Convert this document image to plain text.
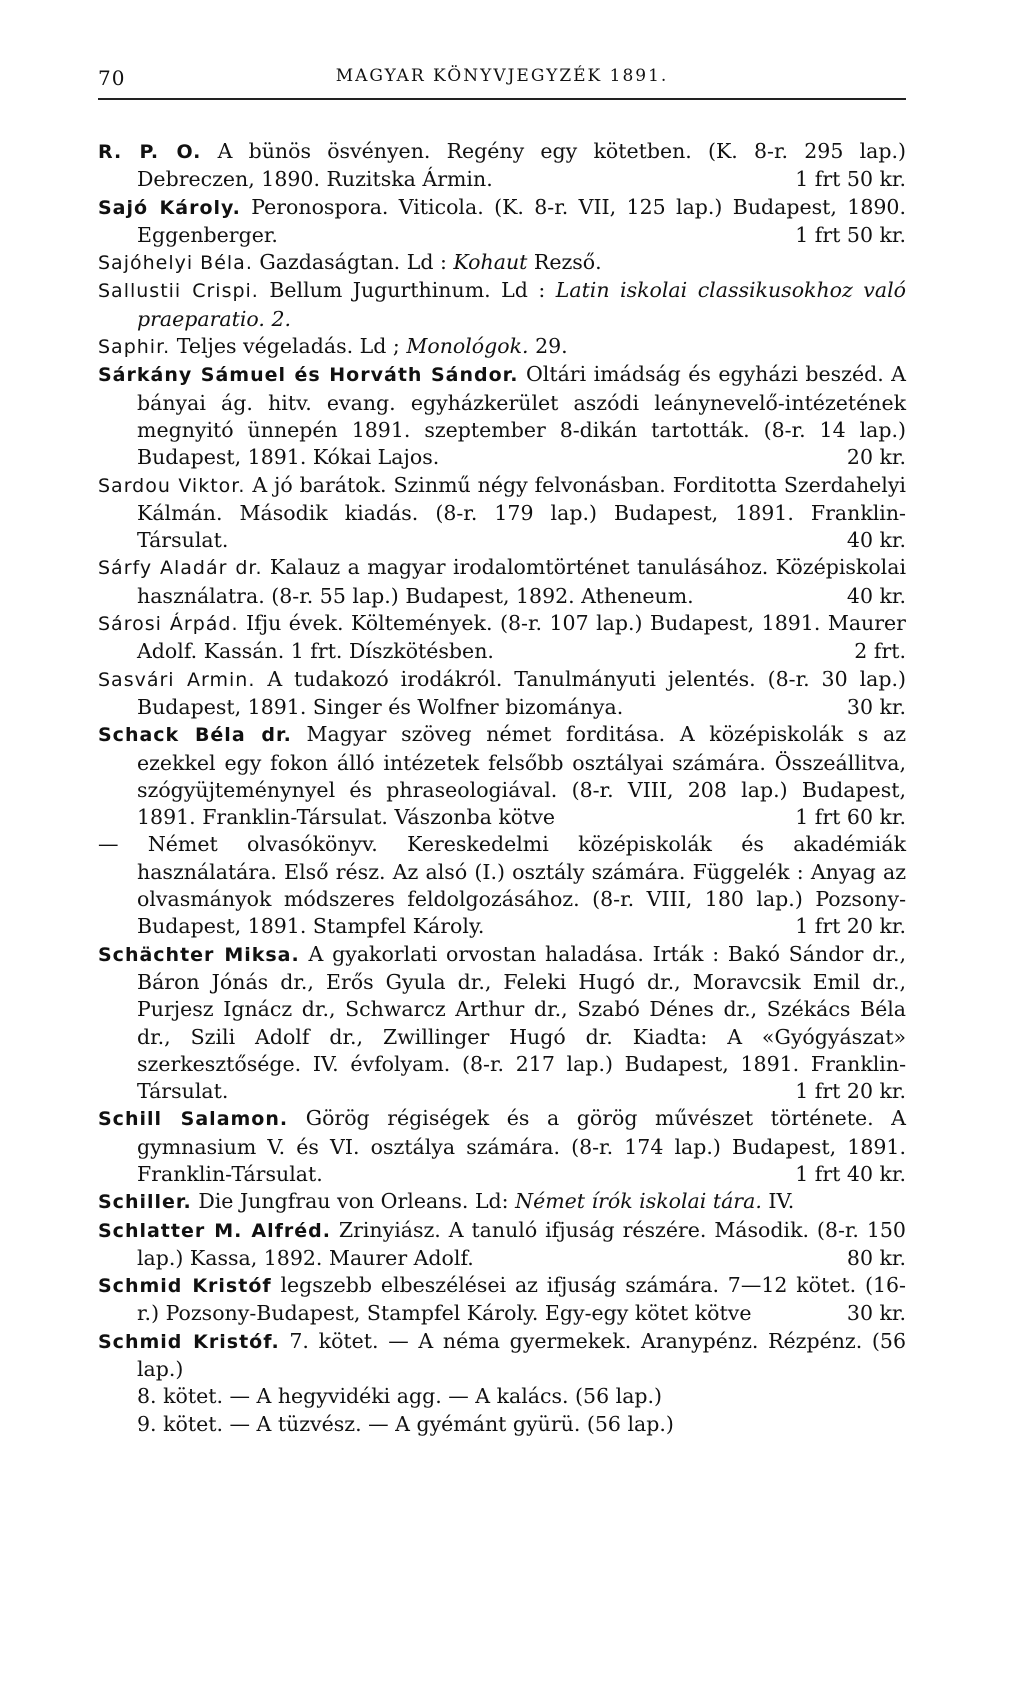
70	MAGYAR KÖNYVJEGYZÉK 1891.

R. P. O. A bünös ösvényen. Regény egy kötetben. (K. 8-r. 295 lap.) Debreczen, 1890. Ruzitska Ármin.	1 frt 50 kr.

Sajó Károly. Peronospora. Viticola. (K. 8-r. VII, 125 lap.) Budapest, 1890. Eggenberger.	1 frt 50 kr.

Sajóhelyi Béla. Gazdaságtan. Ld : Kohaut Rezső.

Sallustii Crispi. Bellum Jugurthinum. Ld : Latin iskolai classikusokhoz való praeparatio. 2.

Saphir. Teljes végeladás. Ld ; Monológok. 29.

Sárkány Sámuel és Horváth Sándor. Oltári imádság és egyházi beszéd. A bányai ág. hitv. evang. egyházkerület aszódi leánynevelő-intézetének megnyitó ünnepén 1891. szeptember 8-dikán tartották. (8-r. 14 lap.) Budapest, 1891. Kókai Lajos.	20 kr.

Sardou Viktor. A jó barátok. Szinmű négy felvonásban. Forditotta Szerdahelyi Kálmán. Második kiadás. (8-r. 179 lap.) Budapest, 1891. Franklin-Társulat.	40 kr.

Sárfy Aladár dr. Kalauz a magyar irodalomtörténet tanulásához. Középiskolai használatra. (8-r. 55 lap.) Budapest, 1892. Atheneum.	40 kr.

Sárosi Árpád. Ifju évek. Költemények. (8-r. 107 lap.) Budapest, 1891. Maurer Adolf. Kassán. 1 frt. Díszkötésben.	2 frt.

Sasvári Armin. A tudakozó irodákról. Tanulmányuti jelentés. (8-r. 30 lap.) Budapest, 1891. Singer és Wolfner bizománya.	30 kr.

Schack Béla dr. Magyar szöveg német forditása. A középiskolák s az ezekkel egy fokon álló intézetek felsőbb osztályai számára. Összeállitva, szógyüjteménynyel és phraseologiával. (8-r. VIII, 208 lap.) Budapest, 1891. Franklin-Társulat. Vászonba kötve	1 frt 60 kr.

— Német olvasókönyv. Kereskedelmi középiskolák és akadémiák használatára. Első rész. Az alsó (I.) osztály számára. Függelék : Anyag az olvasmányok módszeres feldolgozásához. (8-r. VIII, 180 lap.) Pozsony-Budapest, 1891. Stampfel Károly.	1 frt 20 kr.

Schächter Miksa. A gyakorlati orvostan haladása. Irták : Bakó Sándor dr., Báron Jónás dr., Erős Gyula dr., Feleki Hugó dr., Moravcsik Emil dr., Purjesz Ignácz dr., Schwarcz Arthur dr., Szabó Dénes dr., Székács Béla dr., Szili Adolf dr., Zwillinger Hugó dr. Kiadta: A «Gyógyászat» szerkesztősége. IV. évfolyam. (8-r. 217 lap.) Budapest, 1891. Franklin-Társulat.	1 frt 20 kr.

Schill Salamon. Görög régiségek és a görög művészet története. A gymnasium V. és VI. osztálya számára. (8-r. 174 lap.) Budapest, 1891. Franklin-Társulat.	1 frt 40 kr.

Schiller. Die Jungfrau von Orleans. Ld: Német írók iskolai tára. IV.

Schlatter M. Alfréd. Zrinyiász. A tanuló ifjuság részére. Második. (8-r. 150 lap.) Kassa, 1892. Maurer Adolf.	80 kr.

Schmid Kristóf legszebb elbeszélései az ifjuság számára. 7—12 kötet. (16-r.) Pozsony-Budapest, Stampfel Károly. Egy-egy kötet kötve	30 kr.

Schmid Kristóf. 7. kötet. — A néma gyermekek. Aranypénz. Rézpénz. (56 lap.)

8. kötet. — A hegyvidéki agg. — A kalács. (56 lap.)

9. kötet. — A tüzvész. — A gyémánt gyürü. (56 lap.)
